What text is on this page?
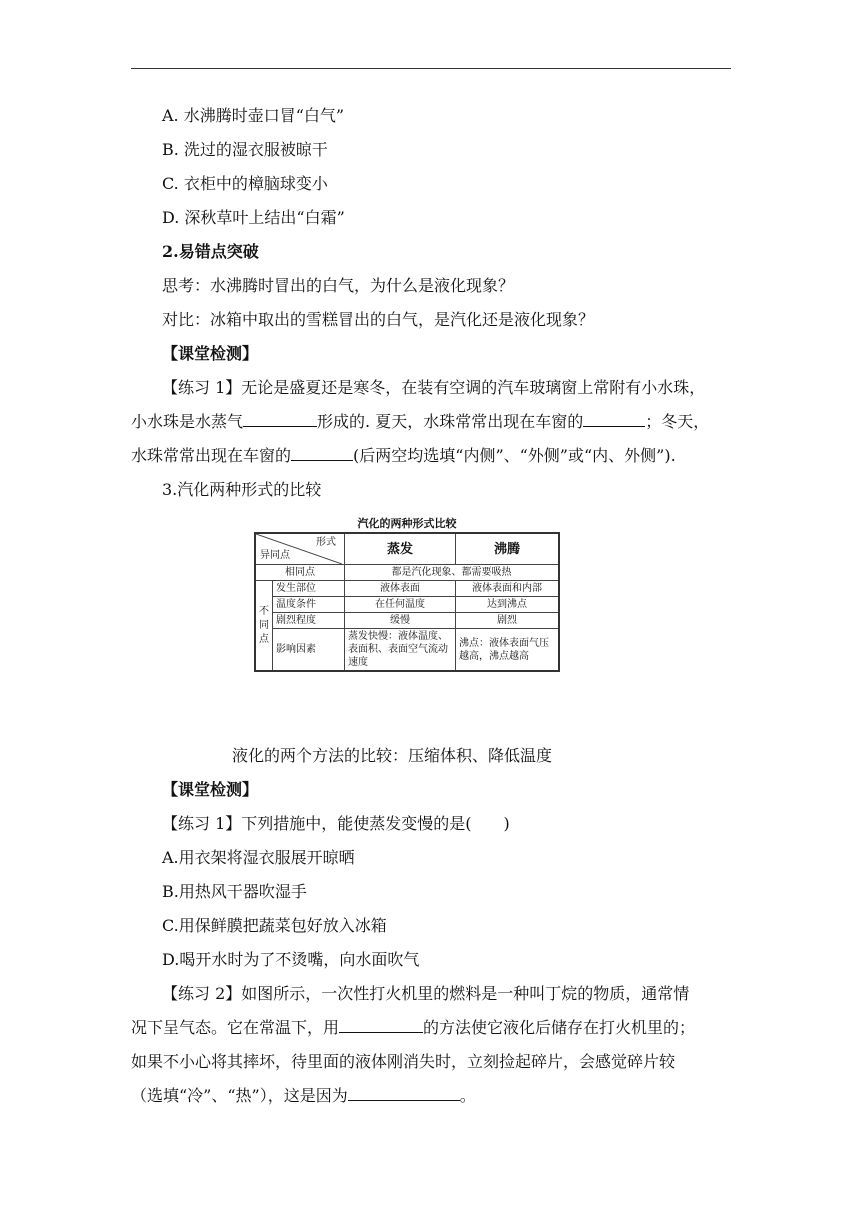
A. 水沸腾时壶口冒“白气”
B. 洗过的湿衣服被晾干
C. 衣柜中的樟脑球变小
D. 深秋草叶上结出“白霜”
2.易错点突破
思考：水沸腾时冒出的白气，为什么是液化现象？
对比：冰箱中取出的雪糕冒出的白气，是汽化还是液化现象？
【课堂检测】
【练习 1】无论是盛夏还是寒冬，在装有空调的汽车玻璃窗上常附有小水珠，
小水珠是水蒸气	形成的. 夏天，水珠常常出现在车窗的	；冬天，
水珠常常出现在车窗的	(后两空均选填“内侧”、“外侧”或“内、外侧”).
3.汽化两种形式的比较
汽化的两种形式比较
形式
异同点		蒸发	沸腾
相同点		都是汽化现象、都需要吸热	
不同点	发生部位	液体表面	液体表面和内部
	温度条件	在任何温度	达到沸点
	剧烈程度	缓慢	剧烈
	影响因素	蒸发快慢：液体温度、表面积、表面空气流动速度	沸点：液体表面气压越高，沸点越高
液化的两个方法的比较：压缩体积、降低温度
【课堂检测】
【练习 1】下列措施中，能使蒸发变慢的是(　　)
A.用衣架将湿衣服展开晾晒
B.用热风干器吹湿手
C.用保鲜膜把蔬菜包好放入冰箱
D.喝开水时为了不烫嘴，向水面吹气
【练习 2】如图所示，一次性打火机里的燃料是一种叫丁烷的物质，通常情
况下呈气态。它在常温下，用	的方法使它液化后储存在打火机里的；
如果不小心将其摔坏，待里面的液体刚消失时，立刻捡起碎片，会感觉碎片较
（选填“冷”、“热”），这是因为	。
